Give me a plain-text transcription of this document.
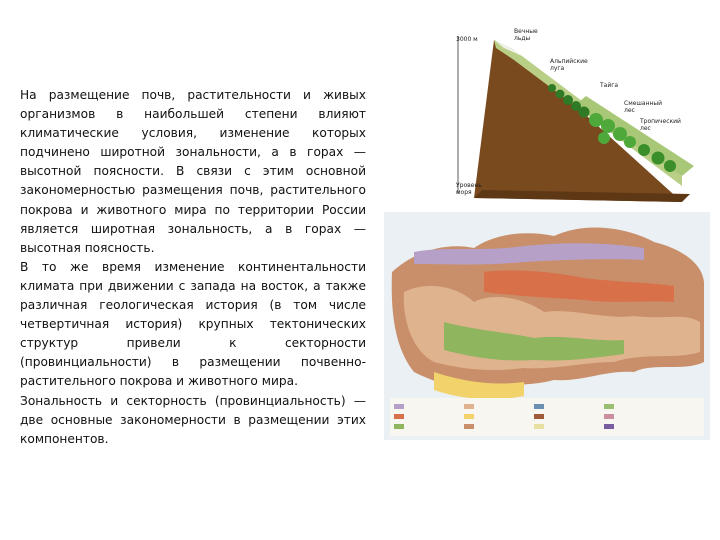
На размещение почв, растительности и живых организмов в наибольшей степени влияют климатические условия, изменение которых подчинено широтной зональности, а в горах — высотной поясности. В связи с этим основной закономерностью размещения почв, растительного покрова и животного мира по территории России является широтная зональность, а в горах — высотная поясность.

В то же время изменение континентальности климата при движении с запада на восток, а также различная геологическая история (в том числе четвертичная история) крупных тектонических структур привели к секторности (провинциальности) в размещении почвенно-растительного покрова и животного мира.

Зональность и секторность (провинциальность) — две основные закономерности в размещении этих компонентов.

3000 м
Уровень
моря
Вечные
льды
Альпийские
луга
Тайга
Смешанный
лес
Тропический
лес
